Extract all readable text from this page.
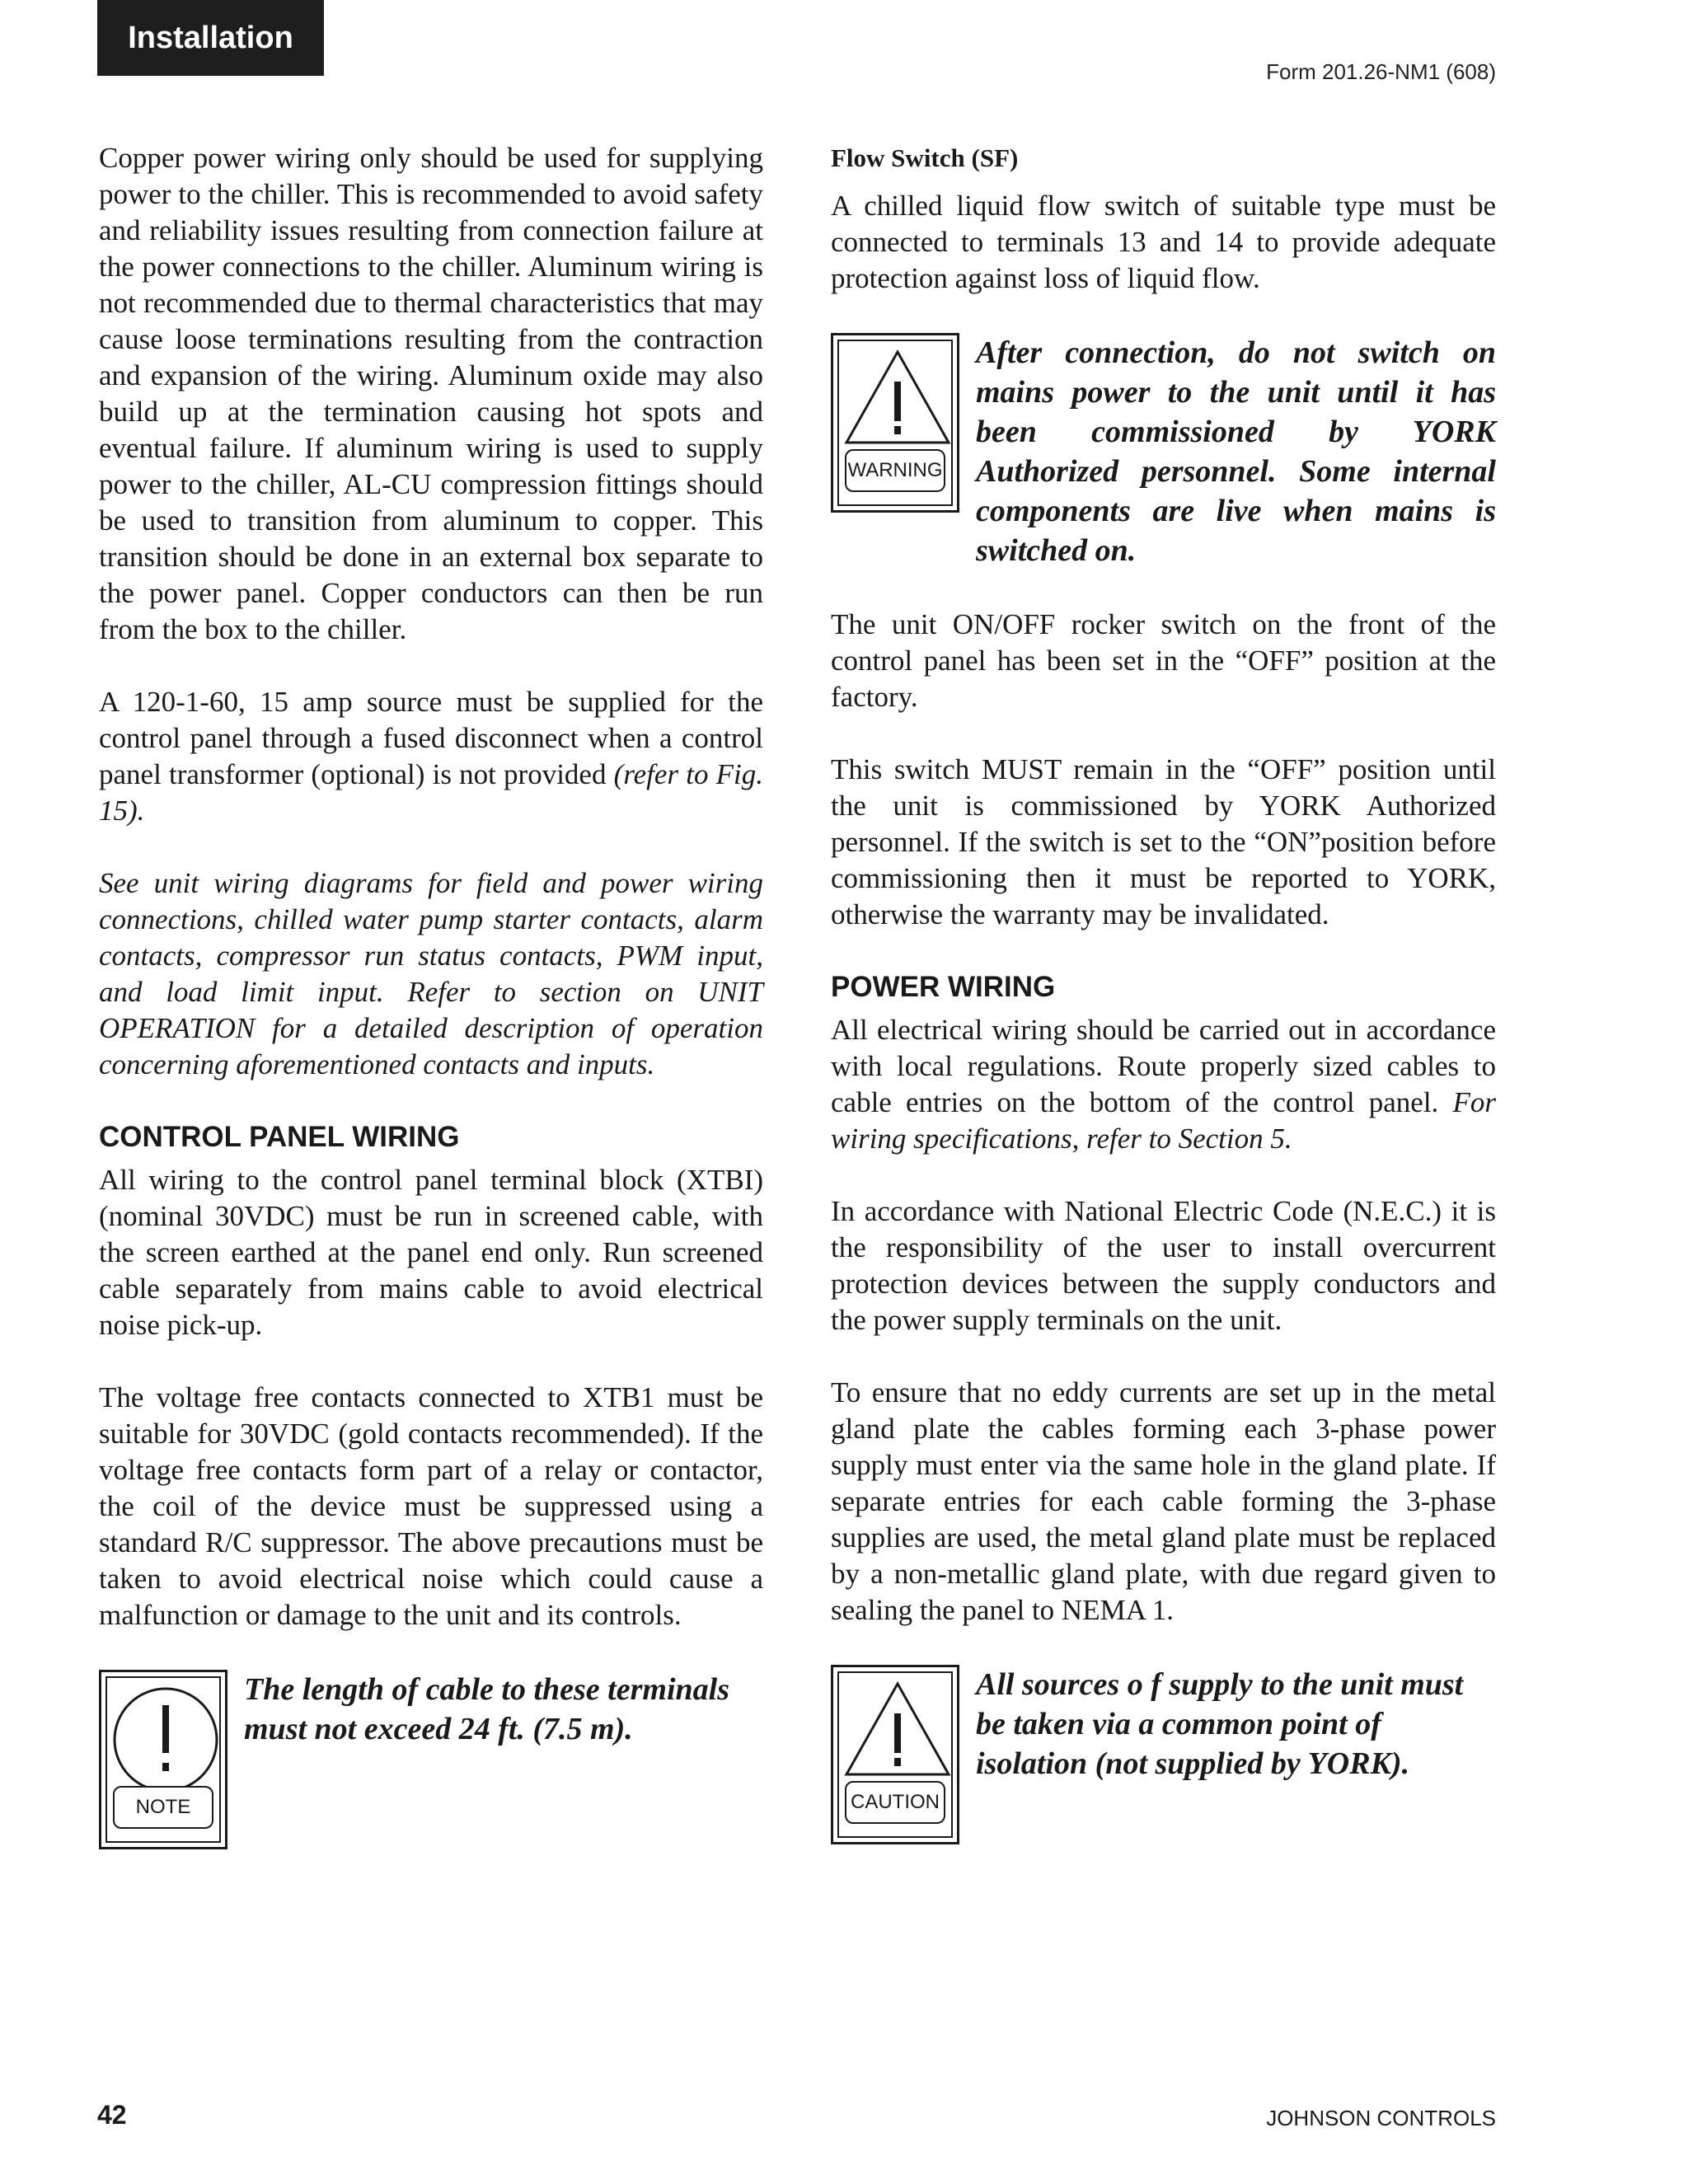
Installation
Form 201.26-NM1 (608)

Copper power wiring only should be used for supplying power to the chiller. This is recommended to avoid safety and reliability issues resulting from connection failure at the power connections to the chiller. Aluminum wiring is not recommended due to thermal characteristics that may cause loose terminations resulting from the contraction and expansion of the wiring. Aluminum oxide may also build up at the termination causing hot spots and eventual failure. If aluminum wiring is used to supply power to the chiller, AL-CU compression fittings should be used to transition from aluminum to copper. This transition should be done in an external box separate to the power panel. Copper conductors can then be run from the box to the chiller.

A 120-1-60, 15 amp source must be supplied for the control panel through a fused disconnect when a control panel transformer (optional) is not provided (refer to Fig. 15).

See unit wiring diagrams for field and power wiring connections, chilled water pump starter contacts, alarm contacts, compressor run status contacts, PWM input, and load limit input. Refer to section on UNIT OPERATION for a detailed description of operation concerning aforementioned contacts and inputs.

CONTROL PANEL WIRING

All wiring to the control panel terminal block (XTBI) (nominal 30VDC) must be run in screened cable, with the screen earthed at the panel end only. Run screened cable separately from mains cable to avoid electrical noise pick-up.

The voltage free contacts connected to XTB1 must be suitable for 30VDC (gold contacts recommended). If the voltage free contacts form part of a relay or contactor, the coil of the device must be suppressed using a standard R/C suppressor. The above precautions must be taken to avoid electrical noise which could cause a malfunction or damage to the unit and its controls.

NOTE
The length of cable to these terminals must not exceed 24 ft. (7.5 m).
Flow Switch (SF)

A chilled liquid flow switch of suitable type must be connected to terminals 13 and 14 to provide adequate protection against loss of liquid flow.

WARNING
After connection, do not switch on mains power to the unit until it has been commissioned by YORK Authorized personnel. Some internal components are live when mains is switched on.

The unit ON/OFF rocker switch on the front of the control panel has been set in the “OFF” position at the factory.

This switch MUST remain in the “OFF” position until the unit is commissioned by YORK Authorized personnel. If the switch is set to the “ON”position before commissioning then it must be reported to YORK, otherwise the warranty may be invalidated.

POWER WIRING

All electrical wiring should be carried out in accordance with local regulations. Route properly sized cables to cable entries on the bottom of the control panel. For wiring specifications, refer to Section 5.

In accordance with National Electric Code (N.E.C.) it is the responsibility of the user to install overcurrent protection devices between the supply conductors and the power supply terminals on the unit.

To ensure that no eddy currents are set up in the metal gland plate the cables forming each 3-phase power supply must enter via the same hole in the gland plate. If separate entries for each cable forming the 3-phase supplies are used, the metal gland plate must be replaced by a non-metallic gland plate, with due regard given to sealing the panel to NEMA 1.

CAUTION
All sources o f supply to the unit must be taken via a common point of isolation (not supplied by YORK).
42	JOHNSON CONTROLS
